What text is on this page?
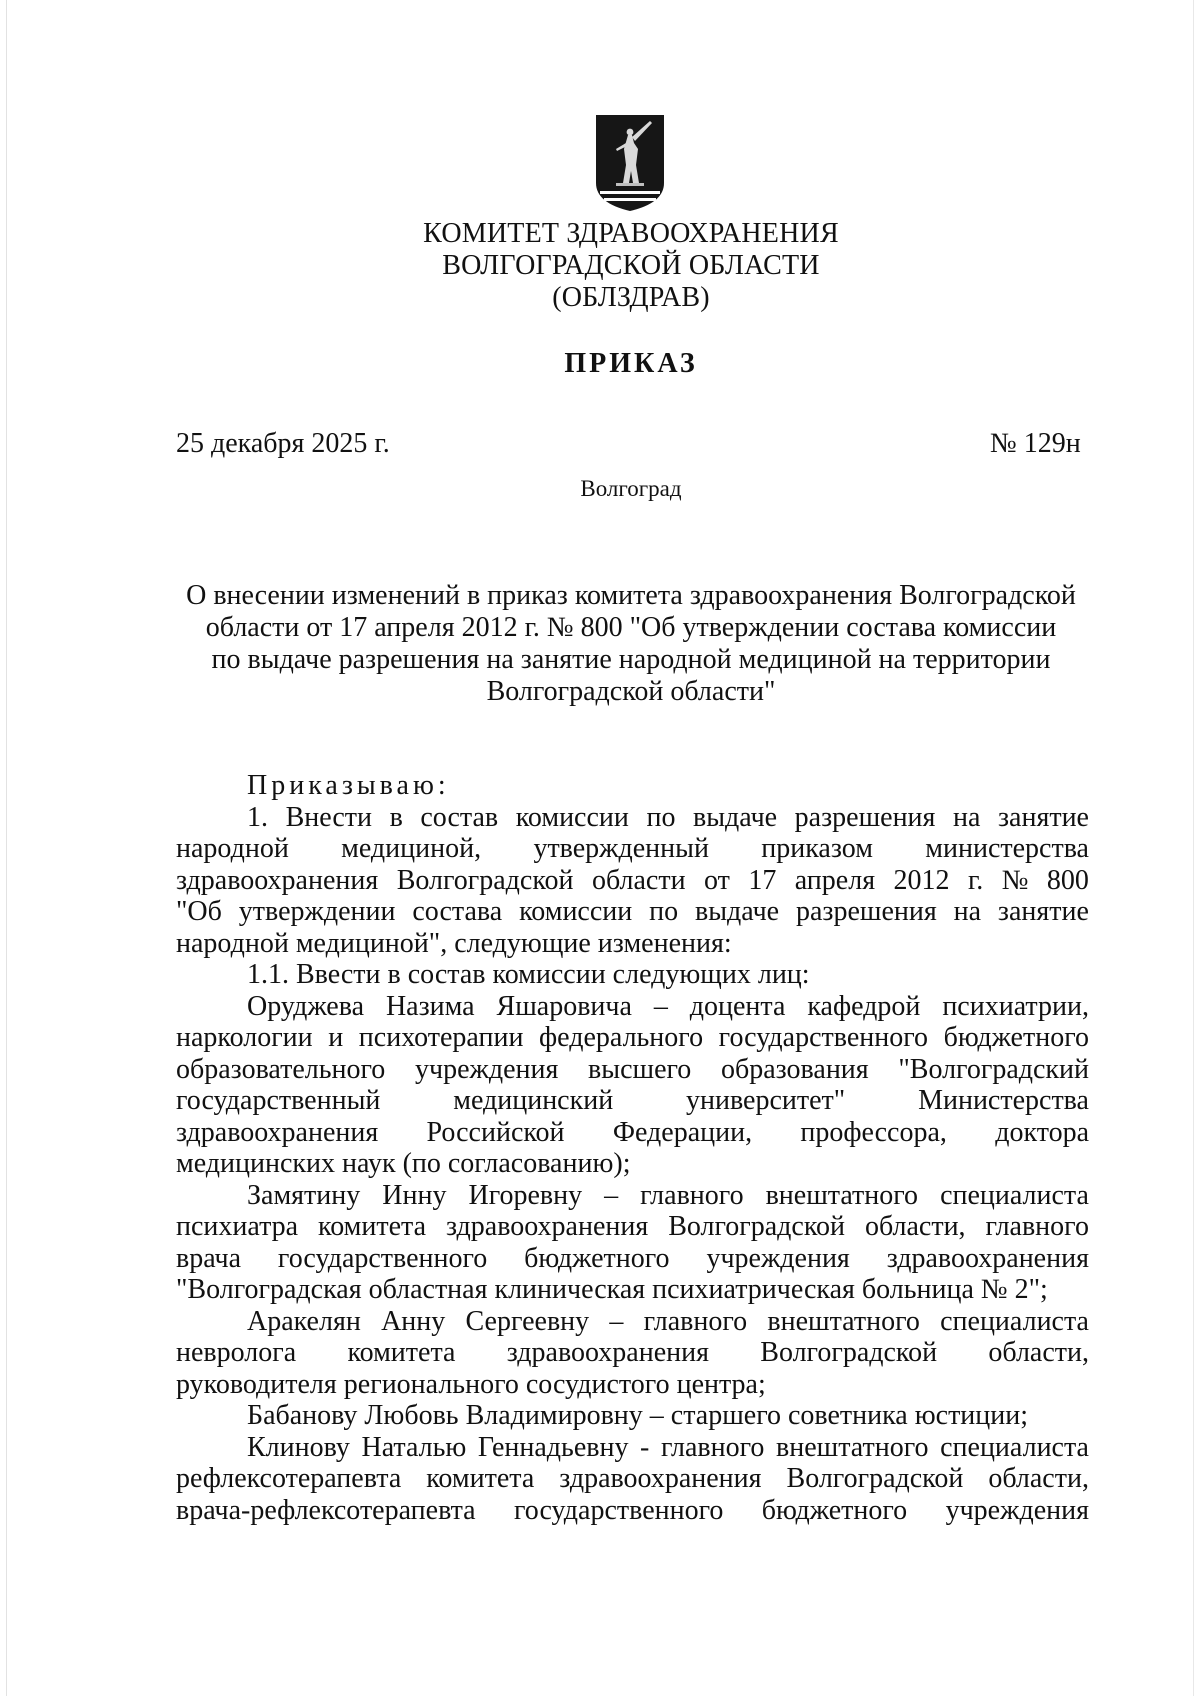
КОМИТЕТ ЗДРАВООХРАНЕНИЯ
ВОЛГОГРАДСКОЙ ОБЛАСТИ
(ОБЛЗДРАВ)
ПРИКАЗ
25 декабря 2025 г.	№ 129н
Волгоград
О внесении изменений в приказ комитета здравоохранения Волгоградской
области от 17 апреля 2012 г. № 800 "Об утверждении состава комиссии
по выдаче разрешения на занятие народной медициной на территории
Волгоградской области"
Приказываю:
1. Внести в состав комиссии по выдаче разрешения на занятие
народной медициной, утвержденный приказом министерства
здравоохранения Волгоградской области от 17 апреля 2012 г. № 800
"Об утверждении состава комиссии по выдаче разрешения на занятие
народной медициной", следующие изменения:
1.1. Ввести в состав комиссии следующих лиц:
Оруджева Назима Яшаровича – доцента кафедрой психиатрии,
наркологии и психотерапии федерального государственного бюджетного
образовательного учреждения высшего образования "Волгоградский
государственный	медицинский	университет"	Министерства
здравоохранения Российской Федерации, профессора, доктора
медицинских наук (по согласованию);
Замятину Инну Игоревну – главного внештатного специалиста
психиатра комитета здравоохранения Волгоградской области, главного
врача государственного бюджетного учреждения здравоохранения
"Волгоградская областная клиническая психиатрическая больница № 2";
Аракелян Анну Сергеевну – главного внештатного специалиста
невролога комитета здравоохранения Волгоградской области,
руководителя регионального сосудистого центра;
Бабанову Любовь Владимировну – старшего советника юстиции;
Клинову Наталью Геннадьевну - главного внештатного специалиста
рефлексотерапевта комитета здравоохранения Волгоградской области,
врача-рефлексотерапевта государственного бюджетного учреждения
